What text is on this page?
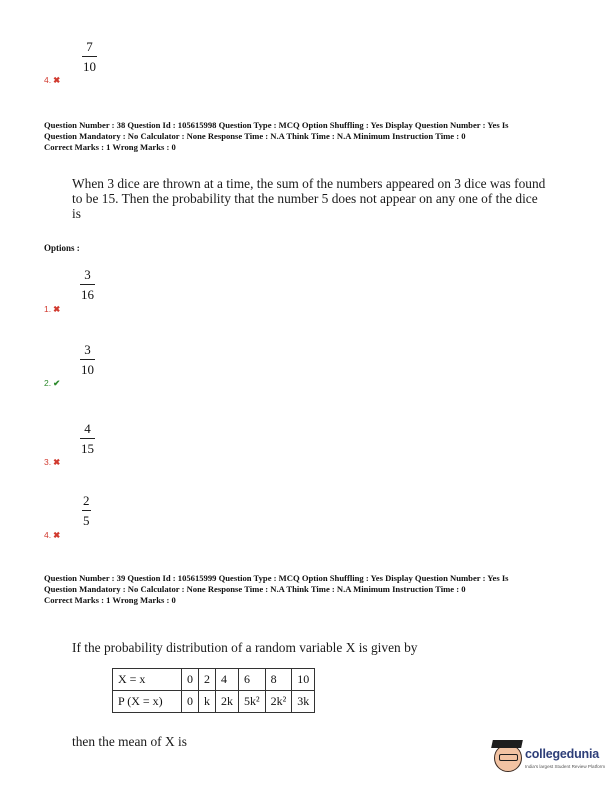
7
10
4. ✖
Question Number : 38 Question Id : 105615998 Question Type : MCQ Option Shuffling : Yes Display Question Number : Yes Is
Question Mandatory : No Calculator : None Response Time : N.A Think Time : N.A Minimum Instruction Time : 0
Correct Marks : 1 Wrong Marks : 0
When 3 dice are thrown at a time, the sum of the numbers appeared on 3 dice was found
to be 15. Then the probability that the number 5 does not appear on any one of the dice
is
Options :
3
16
1. ✖
3
10
2. ✔
4
15
3. ✖
2
5
4. ✖
Question Number : 39 Question Id : 105615999 Question Type : MCQ Option Shuffling : Yes Display Question Number : Yes Is
Question Mandatory : No Calculator : None Response Time : N.A Think Time : N.A Minimum Instruction Time : 0
Correct Marks : 1 Wrong Marks : 0
If the probability distribution of a random variable X is given by
X = x	0	2	4	6	8	10
P (X = x)	0	k	2k	5k²	2k²	3k
then the mean of X is
collegedunia
India's largest Student Review Platform
